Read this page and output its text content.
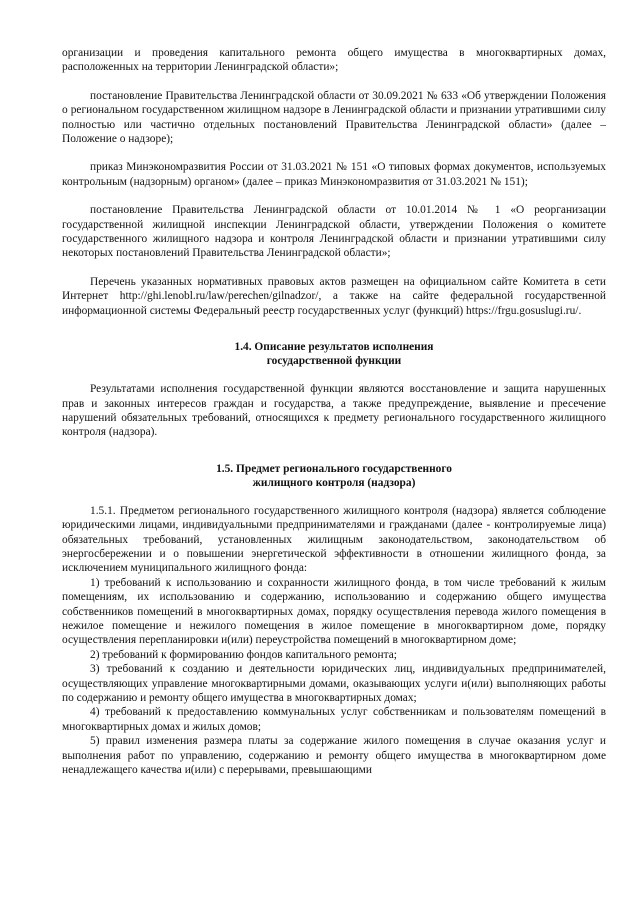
организации и проведения капитального ремонта общего имущества в многоквартирных домах, расположенных на территории Ленинградской области»;

постановление Правительства Ленинградской области от 30.09.2021 № 633 «Об утверждении Положения о региональном государственном жилищном надзоре в Ленинградской области и признании утратившими силу полностью или частично отдельных постановлений Правительства Ленинградской области» (далее – Положение о надзоре);

приказ Минэкономразвития России от 31.03.2021 № 151 «О типовых формах документов, используемых контрольным (надзорным) органом» (далее – приказ Минэкономразвития от 31.03.2021 № 151);

постановление Правительства Ленинградской области от 10.01.2014 № 1 «О реорганизации государственной жилищной инспекции Ленинградской области, утверждении Положения о комитете государственного жилищного надзора и контроля Ленинградской области и признании утратившими силу некоторых постановлений Правительства Ленинградской области»;

Перечень указанных нормативных правовых актов размещен на официальном сайте Комитета в сети Интернет http://ghi.lenobl.ru/law/perechen/gilnadzor/, а также на сайте федеральной государственной информационной системы Федеральный реестр государственных услуг (функций) https://frgu.gosuslugi.ru/.

1.4. Описание результатов исполнения
государственной функции

Результатами исполнения государственной функции являются восстановление и защита нарушенных прав и законных интересов граждан и государства, а также предупреждение, выявление и пресечение нарушений обязательных требований, относящихся к предмету регионального государственного жилищного контроля (надзора).

1.5. Предмет регионального государственного
жилищного контроля (надзора)

1.5.1. Предметом регионального государственного жилищного контроля (надзора) является соблюдение юридическими лицами, индивидуальными предпринимателями и гражданами (далее - контролируемые лица) обязательных требований, установленных жилищным законодательством, законодательством об энергосбережении и о повышении энергетической эффективности в отношении жилищного фонда, за исключением муниципального жилищного фонда:

1) требований к использованию и сохранности жилищного фонда, в том числе требований к жилым помещениям, их использованию и содержанию, использованию и содержанию общего имущества собственников помещений в многоквартирных домах, порядку осуществления перевода жилого помещения в нежилое помещение и нежилого помещения в жилое помещение в многоквартирном доме, порядку осуществления перепланировки и(или) переустройства помещений в многоквартирном доме;

2) требований к формированию фондов капитального ремонта;

3) требований к созданию и деятельности юридических лиц, индивидуальных предпринимателей, осуществляющих управление многоквартирными домами, оказывающих услуги и(или) выполняющих работы по содержанию и ремонту общего имущества в многоквартирных домах;

4) требований к предоставлению коммунальных услуг собственникам и пользователям помещений в многоквартирных домах и жилых домов;

5) правил изменения размера платы за содержание жилого помещения в случае оказания услуг и выполнения работ по управлению, содержанию и ремонту общего имущества в многоквартирном доме ненадлежащего качества и(или) с перерывами, превышающими
